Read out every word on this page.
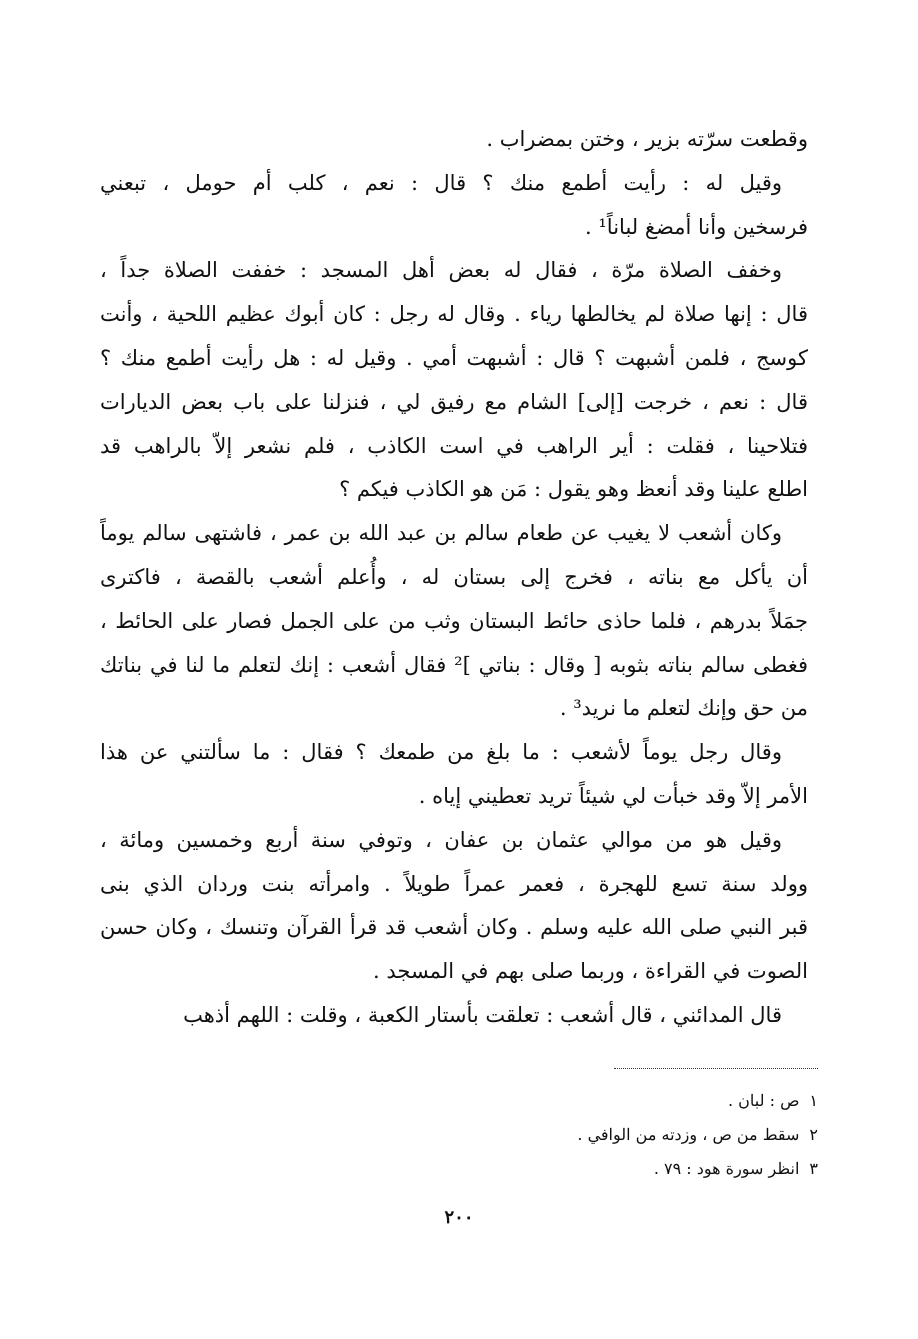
وقطعت سرّته بزير ، وختن بمضراب .
وقيل له : رأيت أطمع منك ؟ قال : نعم ، كلب أم حومل ، تبعني
فرسخين وأنا أمضغ لباناً¹ .
وخفف الصلاة مرّة ، فقال له بعض أهل المسجد : خففت الصلاة جداً ،
قال : إنها صلاة لم يخالطها رياء . وقال له رجل : كان أبوك عظيم اللحية ، وأنت
كوسج ، فلمن أشبهت ؟ قال : أشبهت أمي . وقيل له : هل رأيت أطمع منك ؟
قال : نعم ، خرجت [إلى] الشام مع رفيق لي ، فنزلنا على باب بعض الديارات
فتلاحينا ، فقلت : أير الراهب في است الكاذب ، فلم نشعر إلاّ بالراهب قد
اطلع علينا وقد أنعظ وهو يقول : مَن هو الكاذب فيكم ؟
وكان أشعب لا يغيب عن طعام سالم بن عبد الله بن عمر ، فاشتهى سالم يوماً
أن يأكل مع بناته ، فخرج إلى بستان له ، وأُعلم أشعب بالقصة ، فاكترى
جمَلاً بدرهم ، فلما حاذى حائط البستان وثب من على الجمل فصار على الحائط ،
فغطى سالم بناته بثوبه [ وقال : بناتي ]² فقال أشعب : إنك لتعلم ما لنا في بناتك
من حق وإنك لتعلم ما نريد³ .
وقال رجل يوماً لأشعب : ما بلغ من طمعك ؟ فقال : ما سألتني عن هذا
الأمر إلاّ وقد خبأت لي شيئاً تريد تعطيني إياه .
وقيل هو من موالي عثمان بن عفان ، وتوفي سنة أربع وخمسين ومائة ،
وولد سنة تسع للهجرة ، فعمر عمراً طويلاً . وامرأته بنت وردان الذي بنى
قبر النبي صلى الله عليه وسلم . وكان أشعب قد قرأ القرآن وتنسك ، وكان حسن
الصوت في القراءة ، وربما صلى بهم في المسجد .
قال المدائني ، قال أشعب : تعلقت بأستار الكعبة ، وقلت : اللهم أذهب
١ص : لبان .
٢سقط من ص ، وزدته من الوافي .
٣انظر سورة هود : ٧٩ .
٢٠٠
